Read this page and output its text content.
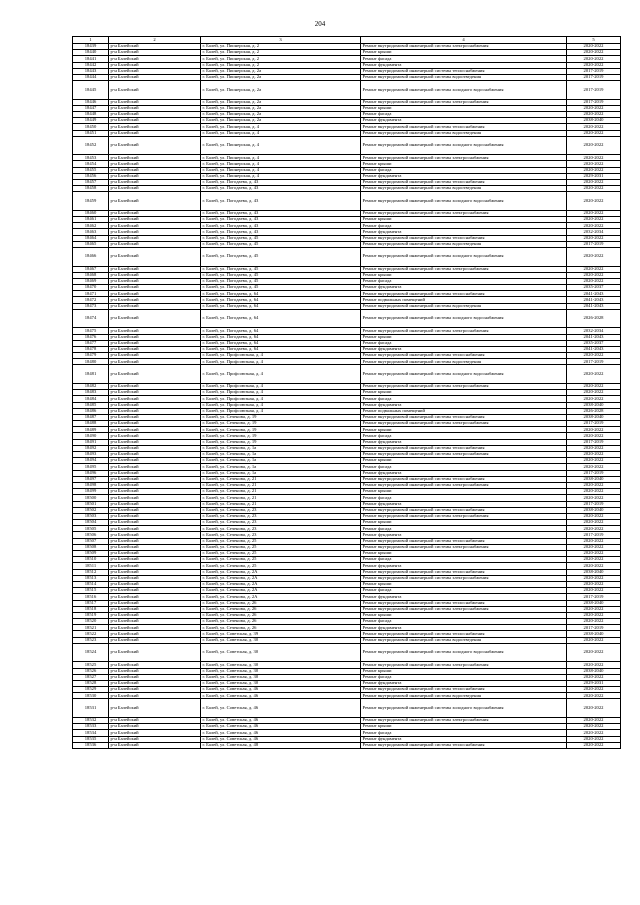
204
1	2	3	4	5
18439	р-н Балейский	г. Балей, ул. Пионерская, д. 2	Ремонт внутридомовой инженерной системы электроснабжения	2020-2022
18440	р-н Балейский	г. Балей, ул. Пионерская, д. 2	Ремонт крыши	2020-2022
18441	р-н Балейский	г. Балей, ул. Пионерская, д. 2	Ремонт фасада	2020-2022
18442	р-н Балейский	г. Балей, ул. Пионерская, д. 2	Ремонт фундамента	2020-2022
18443	р-н Балейский	г. Балей, ул. Пионерская, д. 2а	Ремонт внутридомовой инженерной системы теплоснабжения	2017-2019
18444	р-н Балейский	г. Балей, ул. Пионерская, д. 2а	Ремонт внутридомовой инженерной системы водоотведения	2017-2019
18445	р-н Балейский	г. Балей, ул. Пионерская, д. 2а	Ремонт внутридомовой инженерной системы холодного водоснабжения	2017-2019
18446	р-н Балейский	г. Балей, ул. Пионерская, д. 2а	Ремонт внутридомовой инженерной системы электроснабжения	2017-2019
18447	р-н Балейский	г. Балей, ул. Пионерская, д. 2а	Ремонт крыши	2020-2022
18448	р-н Балейский	г. Балей, ул. Пионерская, д. 2а	Ремонт фасада	2020-2022
18449	р-н Балейский	г. Балей, ул. Пионерская, д. 2а	Ремонт фундамента	2038-2040
18450	р-н Балейский	г. Балей, ул. Пионерская, д. 4	Ремонт внутридомовой инженерной системы теплоснабжения	2020-2022
18451	р-н Балейский	г. Балей, ул. Пионерская, д. 4	Ремонт внутридомовой инженерной системы водоотведения	2020-2022
18452	р-н Балейский	г. Балей, ул. Пионерская, д. 4	Ремонт внутридомовой инженерной системы холодного водоснабжения	2020-2022
18453	р-н Балейский	г. Балей, ул. Пионерская, д. 4	Ремонт внутридомовой инженерной системы электроснабжения	2020-2022
18454	р-н Балейский	г. Балей, ул. Пионерская, д. 4	Ремонт крыши	2020-2022
18455	р-н Балейский	г. Балей, ул. Пионерская, д. 4	Ремонт фасада	2020-2022
18456	р-н Балейский	г. Балей, ул. Пионерская, д. 4	Ремонт фундамента	2029-2031
18457	р-н Балейский	г. Балей, ул. Погодаева, д. 43	Ремонт внутридомовой инженерной системы теплоснабжения	2020-2022
18458	р-н Балейский	г. Балей, ул. Погодаева, д. 43	Ремонт внутридомовой инженерной системы водоотведения	2020-2022
18459	р-н Балейский	г. Балей, ул. Погодаева, д. 43	Ремонт внутридомовой инженерной системы холодного водоснабжения	2020-2022
18460	р-н Балейский	г. Балей, ул. Погодаева, д. 43	Ремонт внутридомовой инженерной системы электроснабжения	2020-2022
18461	р-н Балейский	г. Балей, ул. Погодаева, д. 43	Ремонт крыши	2020-2022
18462	р-н Балейский	г. Балей, ул. Погодаева, д. 43	Ремонт фасада	2020-2022
18463	р-н Балейский	г. Балей, ул. Погодаева, д. 43	Ремонт фундамента	2032-2034
18464	р-н Балейский	г. Балей, ул. Погодаева, д. 45	Ремонт внутридомовой инженерной системы теплоснабжения	2020-2022
18465	р-н Балейский	г. Балей, ул. Погодаева, д. 45	Ремонт внутридомовой инженерной системы водоотведения	2017-2019
18466	р-н Балейский	г. Балей, ул. Погодаева, д. 45	Ремонт внутридомовой инженерной системы холодного водоснабжения	2020-2022
18467	р-н Балейский	г. Балей, ул. Погодаева, д. 45	Ремонт внутридомовой инженерной системы электроснабжения	2020-2022
18468	р-н Балейский	г. Балей, ул. Погодаева, д. 45	Ремонт крыши	2020-2022
18469	р-н Балейский	г. Балей, ул. Погодаева, д. 45	Ремонт фасада	2020-2022
18470	р-н Балейский	г. Балей, ул. Погодаева, д. 45	Ремонт фундамента	2035-2037
18471	р-н Балейский	г. Балей, ул. Погодаева, д. 64	Ремонт внутридомовой инженерной системы теплоснабжения	2041-2043
18472	р-н Балейский	г. Балей, ул. Погодаева, д. 64	Ремонт подвальных помещений	2041-2043
18473	р-н Балейский	г. Балей, ул. Погодаева, д. 64	Ремонт внутридомовой инженерной системы водоотведения	2041-2043
18474	р-н Балейский	г. Балей, ул. Погодаева, д. 64	Ремонт внутридомовой инженерной системы холодного водоснабжения	2026-2028
18475	р-н Балейский	г. Балей, ул. Погодаева, д. 64	Ремонт внутридомовой инженерной системы электроснабжения	2032-2034
18476	р-н Балейский	г. Балей, ул. Погодаева, д. 64	Ремонт крыши	2041-2043
18477	р-н Балейский	г. Балей, ул. Погодаева, д. 64	Ремонт фасада	2035-2037
18478	р-н Балейский	г. Балей, ул. Погодаева, д. 64	Ремонт фундамента	2041-2043
18479	р-н Балейский	г. Балей, ул. Профсоюзная, д. 4	Ремонт внутридомовой инженерной системы теплоснабжения	2020-2022
18480	р-н Балейский	г. Балей, ул. Профсоюзная, д. 4	Ремонт внутридомовой инженерной системы водоотведения	2017-2019
18481	р-н Балейский	г. Балей, ул. Профсоюзная, д. 4	Ремонт внутридомовой инженерной системы холодного водоснабжения	2020-2022
18482	р-н Балейский	г. Балей, ул. Профсоюзная, д. 4	Ремонт внутридомовой инженерной системы электроснабжения	2020-2022
18483	р-н Балейский	г. Балей, ул. Профсоюзная, д. 4	Ремонт крыши	2020-2022
18484	р-н Балейский	г. Балей, ул. Профсоюзная, д. 4	Ремонт фасада	2020-2022
18485	р-н Балейский	г. Балей, ул. Профсоюзная, д. 4	Ремонт фундамента	2038-2040
18486	р-н Балейский	г. Балей, ул. Профсоюзная, д. 4	Ремонт подвальных помещений	2026-2028
18487	р-н Балейский	г. Балей, ул. Сеченова, д. 19	Ремонт внутридомовой инженерной системы теплоснабжения	2038-2040
18488	р-н Балейский	г. Балей, ул. Сеченова, д. 19	Ремонт внутридомовой инженерной системы электроснабжения	2017-2019
18489	р-н Балейский	г. Балей, ул. Сеченова, д. 19	Ремонт крыши	2020-2022
18490	р-н Балейский	г. Балей, ул. Сеченова, д. 19	Ремонт фасада	2020-2022
18491	р-н Балейский	г. Балей, ул. Сеченова, д. 19	Ремонт фундамента	2017-2019
18492	р-н Балейский	г. Балей, ул. Сеченова, д. 1а	Ремонт внутридомовой инженерной системы теплоснабжения	2020-2022
18493	р-н Балейский	г. Балей, ул. Сеченова, д. 1а	Ремонт внутридомовой инженерной системы электроснабжения	2020-2022
18494	р-н Балейский	г. Балей, ул. Сеченова, д. 1а	Ремонт крыши	2020-2022
18495	р-н Балейский	г. Балей, ул. Сеченова, д. 1а	Ремонт фасада	2020-2022
18496	р-н Балейский	г. Балей, ул. Сеченова, д. 1а	Ремонт фундамента	2017-2019
18497	р-н Балейский	г. Балей, ул. Сеченова, д. 21	Ремонт внутридомовой инженерной системы теплоснабжения	2038-2040
18498	р-н Балейский	г. Балей, ул. Сеченова, д. 21	Ремонт внутридомовой инженерной системы электроснабжения	2020-2022
18499	р-н Балейский	г. Балей, ул. Сеченова, д. 21	Ремонт крыши	2020-2022
18500	р-н Балейский	г. Балей, ул. Сеченова, д. 21	Ремонт фасада	2020-2022
18501	р-н Балейский	г. Балей, ул. Сеченова, д. 21	Ремонт фундамента	2017-2019
18502	р-н Балейский	г. Балей, ул. Сеченова, д. 23	Ремонт внутридомовой инженерной системы теплоснабжения	2038-2040
18503	р-н Балейский	г. Балей, ул. Сеченова, д. 23	Ремонт внутридомовой инженерной системы электроснабжения	2020-2022
18504	р-н Балейский	г. Балей, ул. Сеченова, д. 23	Ремонт крыши	2020-2022
18505	р-н Балейский	г. Балей, ул. Сеченова, д. 23	Ремонт фасада	2020-2022
18506	р-н Балейский	г. Балей, ул. Сеченова, д. 23	Ремонт фундамента	2017-2019
18507	р-н Балейский	г. Балей, ул. Сеченова, д. 25	Ремонт внутридомовой инженерной системы теплоснабжения	2020-2022
18508	р-н Балейский	г. Балей, ул. Сеченова, д. 25	Ремонт внутридомовой инженерной системы электроснабжения	2020-2022
18509	р-н Балейский	г. Балей, ул. Сеченова, д. 25	Ремонт крыши	2020-2022
18510	р-н Балейский	г. Балей, ул. Сеченова, д. 25	Ремонт фасада	2020-2022
18511	р-н Балейский	г. Балей, ул. Сеченова, д. 25	Ремонт фундамента	2020-2022
18512	р-н Балейский	г. Балей, ул. Сеченова, д. 2А	Ремонт внутридомовой инженерной системы теплоснабжения	2038-2040
18513	р-н Балейский	г. Балей, ул. Сеченова, д. 2А	Ремонт внутридомовой инженерной системы электроснабжения	2020-2022
18514	р-н Балейский	г. Балей, ул. Сеченова, д. 2А	Ремонт крыши	2020-2022
18515	р-н Балейский	г. Балей, ул. Сеченова, д. 2А	Ремонт фасада	2020-2022
18516	р-н Балейский	г. Балей, ул. Сеченова, д. 2А	Ремонт фундамента	2017-2019
18517	р-н Балейский	г. Балей, ул. Сеченова, д. 26	Ремонт внутридомовой инженерной системы теплоснабжения	2038-2040
18518	р-н Балейский	г. Балей, ул. Сеченова, д. 26	Ремонт внутридомовой инженерной системы электроснабжения	2020-2022
18519	р-н Балейский	г. Балей, ул. Сеченова, д. 26	Ремонт крыши	2020-2022
18520	р-н Балейский	г. Балей, ул. Сеченова, д. 26	Ремонт фасада	2020-2022
18521	р-н Балейский	г. Балей, ул. Сеченова, д. 26	Ремонт фундамента	2017-2019
18522	р-н Балейский	г. Балей, ул. Советская, д. 39	Ремонт внутридомовой инженерной системы теплоснабжения	2038-2040
18523	р-н Балейский	г. Балей, ул. Советская, д. 30	Ремонт внутридомовой инженерной системы водоотведения	2020-2022
18524	р-н Балейский	г. Балей, ул. Советская, д. 30	Ремонт внутридомовой инженерной системы холодного водоснабжения	2020-2022
18525	р-н Балейский	г. Балей, ул. Советская, д. 30	Ремонт внутридомовой инженерной системы электроснабжения	2020-2022
18526	р-н Балейский	г. Балей, ул. Советская, д. 30	Ремонт крыши	2038-2040
18527	р-н Балейский	г. Балей, ул. Советская, д. 30	Ремонт фасада	2020-2022
18528	р-н Балейский	г. Балей, ул. Советская, д. 30	Ремонт фундамента	2029-2031
18529	р-н Балейский	г. Балей, ул. Советская, д. 46	Ремонт внутридомовой инженерной системы теплоснабжения	2020-2022
18530	р-н Балейский	г. Балей, ул. Советская, д. 46	Ремонт внутридомовой инженерной системы водоотведения	2020-2022
18531	р-н Балейский	г. Балей, ул. Советская, д. 46	Ремонт внутридомовой инженерной системы холодного водоснабжения	2020-2022
18532	р-н Балейский	г. Балей, ул. Советская, д. 46	Ремонт внутридомовой инженерной системы электроснабжения	2020-2022
18533	р-н Балейский	г. Балей, ул. Советская, д. 46	Ремонт крыши	2020-2022
18534	р-н Балейский	г. Балей, ул. Советская, д. 46	Ремонт фасада	2020-2022
18535	р-н Балейский	г. Балей, ул. Советская, д. 46	Ремонт фундамента	2020-2022
18536	р-н Балейский	г. Балей, ул. Советская, д. 48	Ремонт внутридомовой инженерной системы теплоснабжения	2020-2022
